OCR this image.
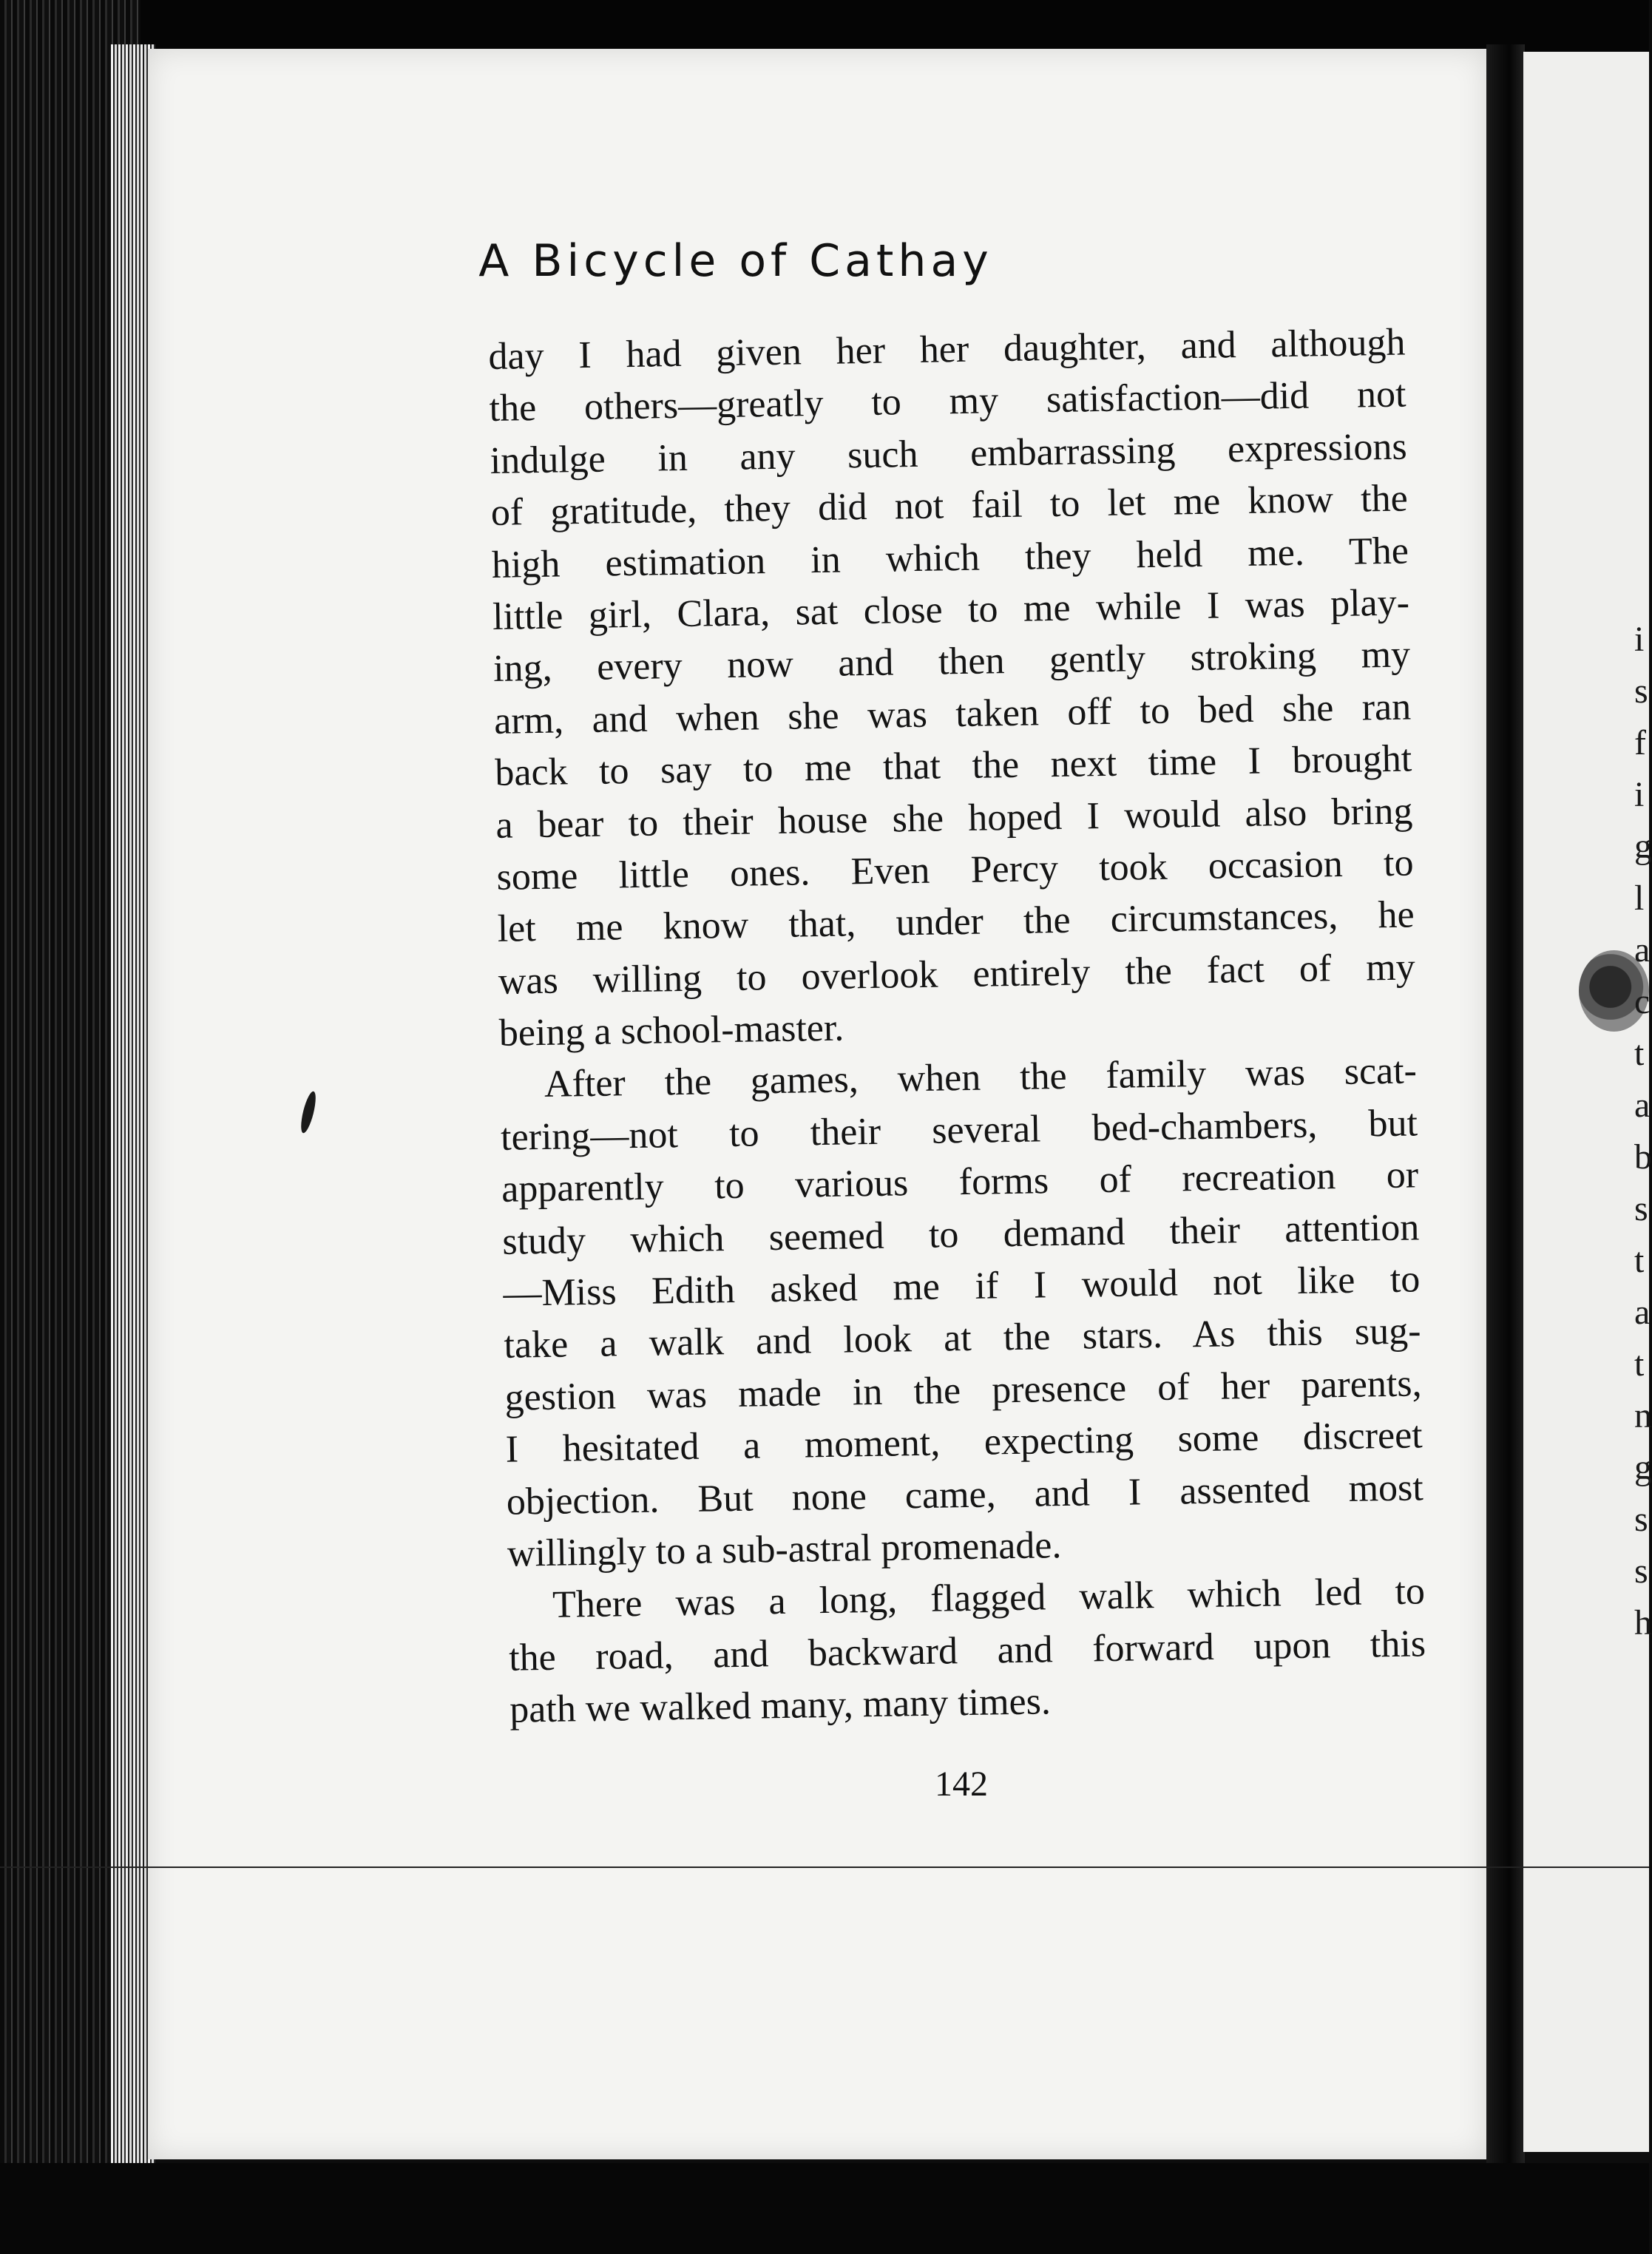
A Bicycle of Cathay
day I had given her her daughter, and although
the others—greatly to my satisfaction—did not
indulge in any such embarrassing expressions
of gratitude, they did not fail to let me know the
high estimation in which they held me. The
little girl, Clara, sat close to me while I was play-
ing, every now and then gently stroking my
arm, and when she was taken off to bed she ran
back to say to me that the next time I brought
a bear to their house she hoped I would also bring
some little ones. Even Percy took occasion to
let me know that, under the circumstances, he
was willing to overlook entirely the fact of my
being a school-master.
After the games, when the family was scat-
tering—not to their several bed-chambers, but
apparently to various forms of recreation or
study which seemed to demand their attention
—Miss Edith asked me if I would not like to
take a walk and look at the stars. As this sug-
gestion was made in the presence of her parents,
I hesitated a moment, expecting some discreet
objection. But none came, and I assented most
willingly to a sub-astral promenade.
There was a long, flagged walk which led to
the road, and backward and forward upon this
path we walked many, many times.
142
i
s
f
i
g
l
a
c
t
a
b
s
t
a
t
n
g
s
s
h
